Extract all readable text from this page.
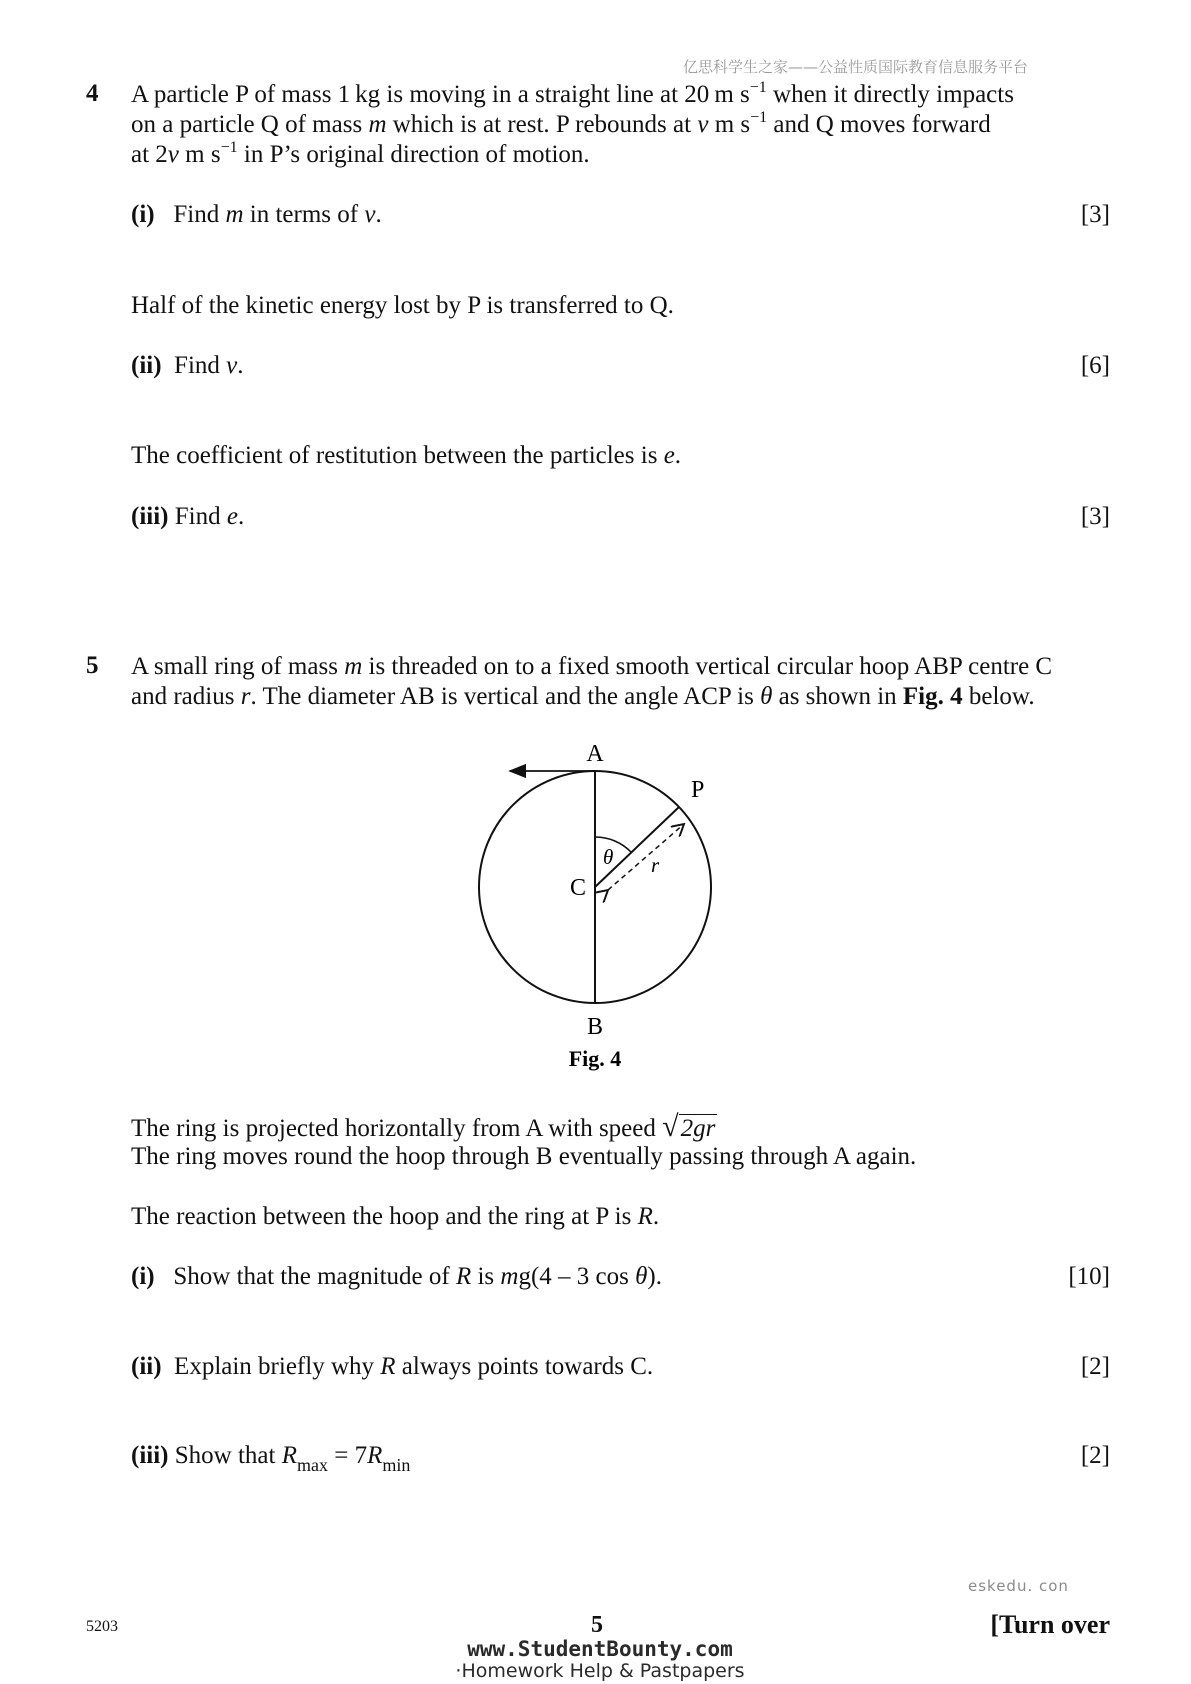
亿思科学生之家——公益性质国际教育信息服务平台
4 A particle P of mass 1 kg is moving in a straight line at 20 m $s^{-1}$ when it directly impacts
on a particle Q of mass m which is at rest. P rebounds at v m $s^{-1}$ and Q moves forward
at 2v m $s^{-1}$ in P’s original direction of motion.
(i) Find m in terms of v.	[3]
Half of the kinetic energy lost by P is transferred to Q.
(ii) Find v.	[6]
The coefficient of restitution between the particles is e.
(iii) Find e.	[3]
5 A small ring of mass m is threaded on to a fixed smooth vertical circular hoop ABP centre C
and radius r. The diameter AB is vertical and the angle ACP is θ as shown in Fig. 4 below.
A
P
C
θ r
B
Fig. 4
The ring is projected horizontally from A with speed √2gr
The ring moves round the hoop through B eventually passing through A again.
The reaction between the hoop and the ring at P is R.
(i) Show that the magnitude of R is mg(4 – 3 cos θ).	[10]
(ii) Explain briefly why R always points towards C.	[2]
(iii) Show that $R_{max} = 7R_{min}$	[2]
eskedu. con
5203	5	[Turn over
www.StudentBounty.com
·Homework Help & Pastpapers
